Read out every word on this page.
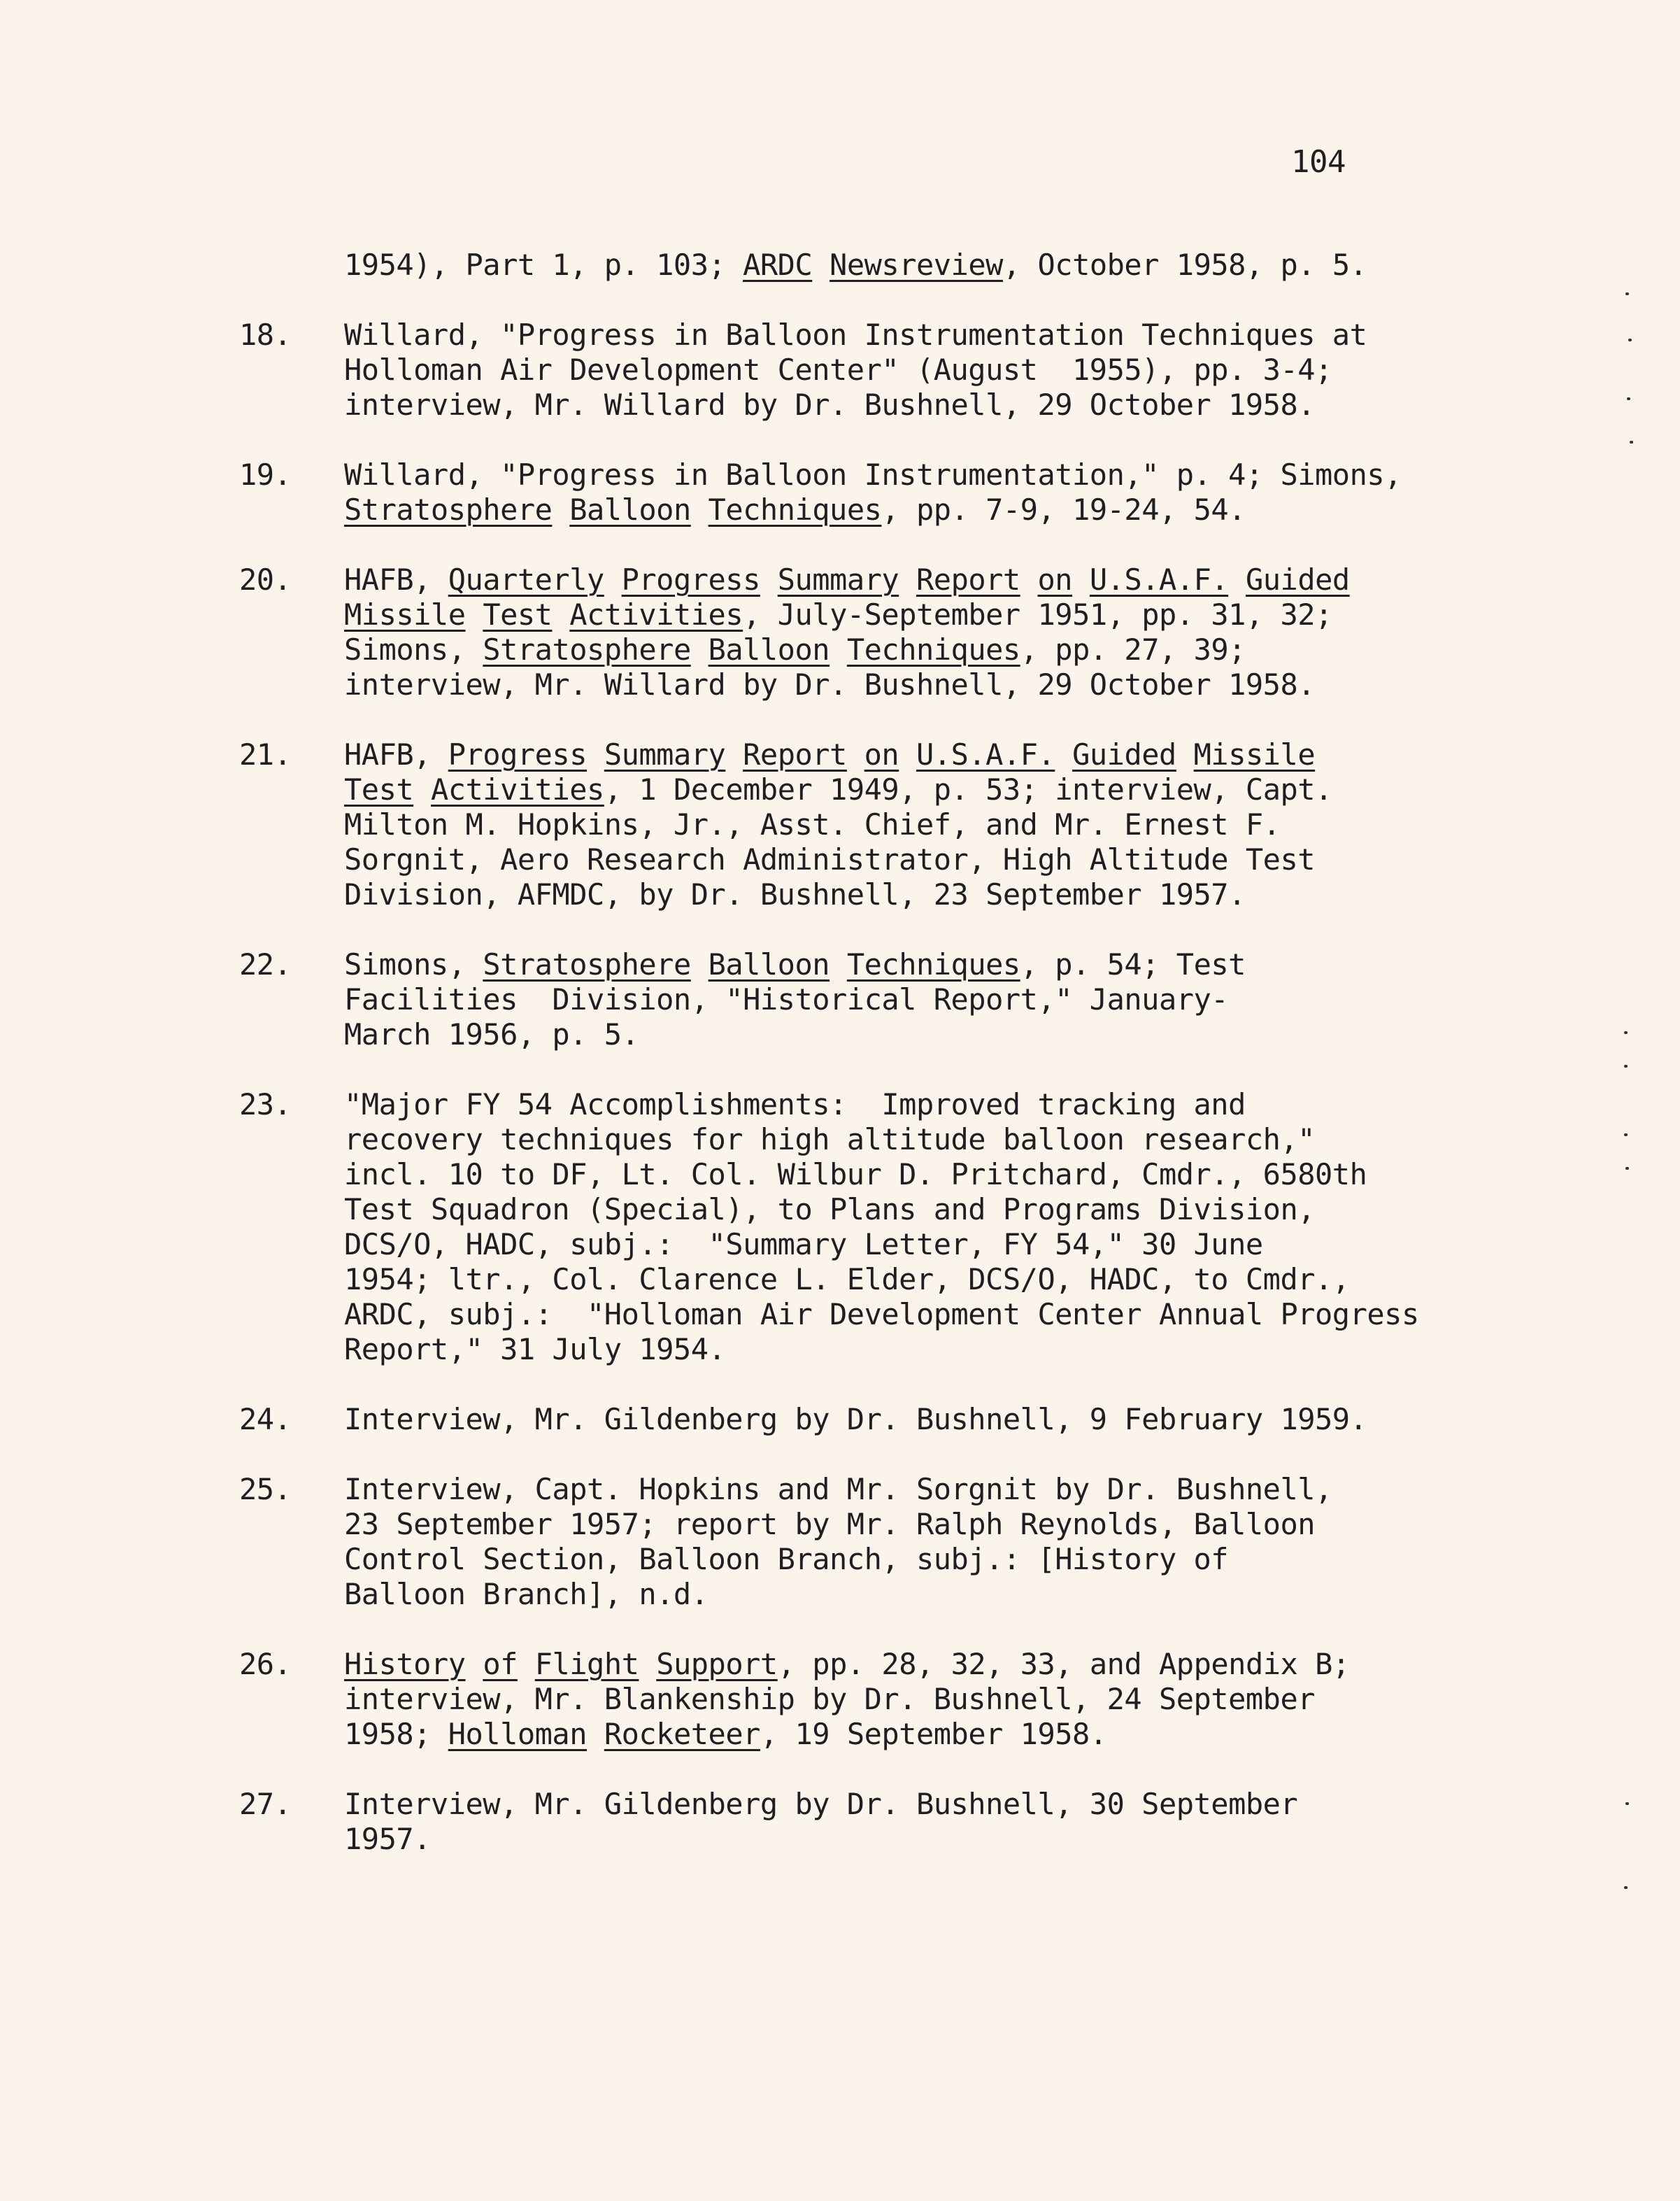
104
1954), Part 1, p. 103; ARDC Newsreview, October 1958, p. 5.
18.	Willard, "Progress in Balloon Instrumentation Techniques at
Holloman Air Development Center" (August  1955), pp. 3-4;
interview, Mr. Willard by Dr. Bushnell, 29 October 1958.
19.	Willard, "Progress in Balloon Instrumentation," p. 4; Simons,
Stratosphere Balloon Techniques, pp. 7-9, 19-24, 54.
20.	HAFB, Quarterly Progress Summary Report on U.S.A.F. Guided
Missile Test Activities, July-September 1951, pp. 31, 32;
Simons, Stratosphere Balloon Techniques, pp. 27, 39;
interview, Mr. Willard by Dr. Bushnell, 29 October 1958.
21.	HAFB, Progress Summary Report on U.S.A.F. Guided Missile
Test Activities, 1 December 1949, p. 53; interview, Capt.
Milton M. Hopkins, Jr., Asst. Chief, and Mr. Ernest F.
Sorgnit, Aero Research Administrator, High Altitude Test
Division, AFMDC, by Dr. Bushnell, 23 September 1957.
22.	Simons, Stratosphere Balloon Techniques, p. 54; Test
Facilities  Division, "Historical Report," January-
March 1956, p. 5.
23.	"Major FY 54 Accomplishments:  Improved tracking and
recovery techniques for high altitude balloon research,"
incl. 10 to DF, Lt. Col. Wilbur D. Pritchard, Cmdr., 6580th
Test Squadron (Special), to Plans and Programs Division,
DCS/O, HADC, subj.:  "Summary Letter, FY 54," 30 June
1954; ltr., Col. Clarence L. Elder, DCS/O, HADC, to Cmdr.,
ARDC, subj.:  "Holloman Air Development Center Annual Progress
Report," 31 July 1954.
24.	Interview, Mr. Gildenberg by Dr. Bushnell, 9 February 1959.
25.	Interview, Capt. Hopkins and Mr. Sorgnit by Dr. Bushnell,
23 September 1957; report by Mr. Ralph Reynolds, Balloon
Control Section, Balloon Branch, subj.: [History of
Balloon Branch], n.d.
26.	History of Flight Support, pp. 28, 32, 33, and Appendix B;
interview, Mr. Blankenship by Dr. Bushnell, 24 September
1958; Holloman Rocketeer, 19 September 1958.
27.	Interview, Mr. Gildenberg by Dr. Bushnell, 30 September
1957.
